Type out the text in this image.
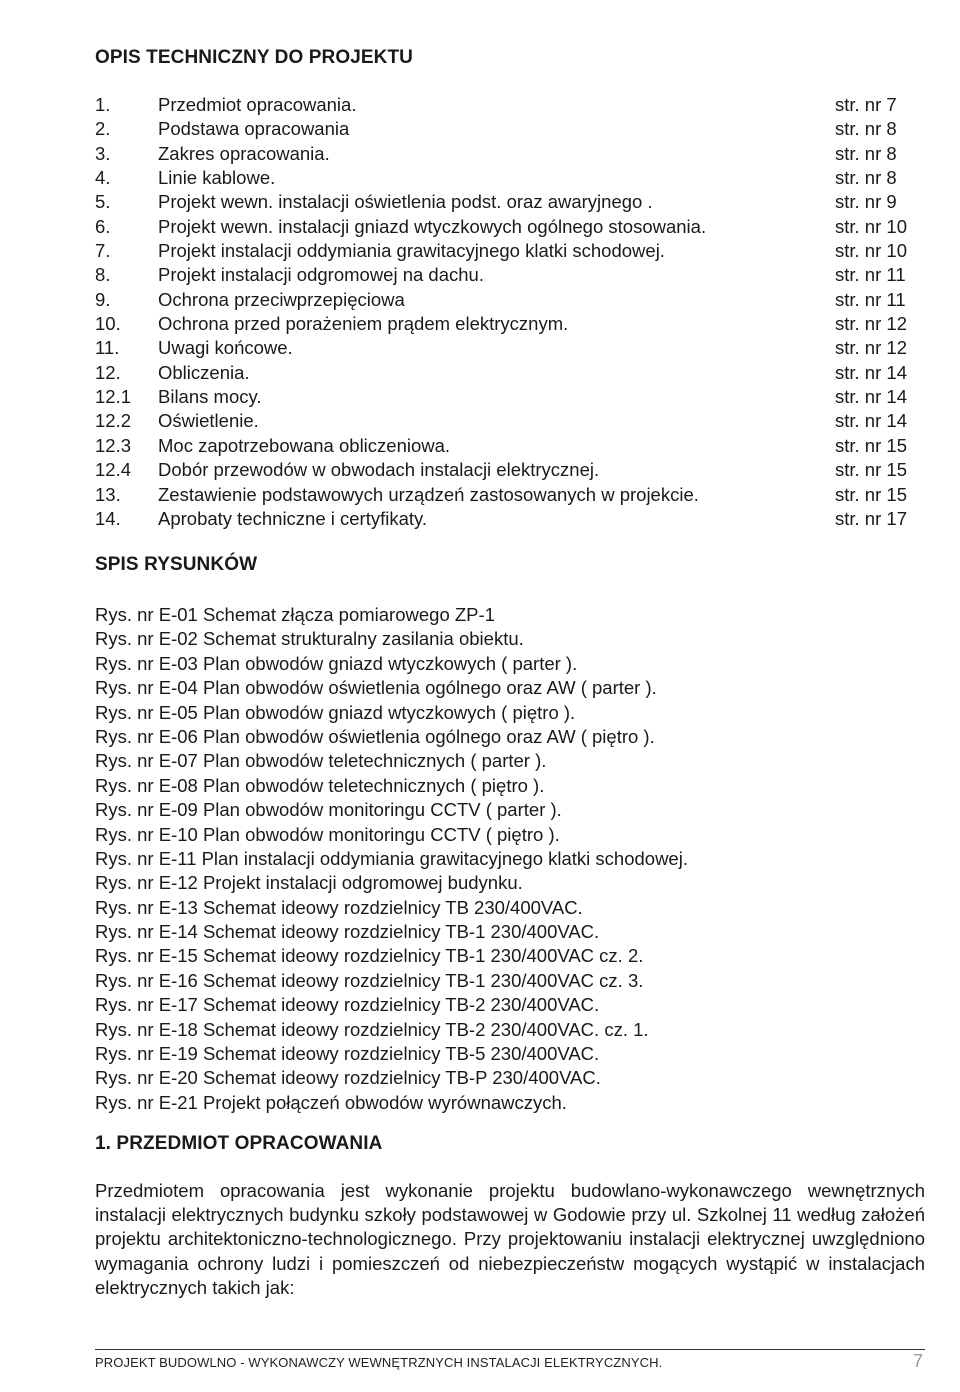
OPIS TECHNICZNY DO PROJEKTU
1.	Przedmiot opracowania.	str. nr 7
2.	Podstawa opracowania	str. nr 8
3.	Zakres opracowania.	str. nr 8
4.	Linie kablowe.	str. nr 8
5.	Projekt wewn. instalacji oświetlenia podst. oraz awaryjnego .	str. nr 9
6.	Projekt wewn. instalacji gniazd wtyczkowych ogólnego stosowania.	str. nr 10
7.	Projekt instalacji oddymiania grawitacyjnego klatki schodowej.	str. nr 10
8.	Projekt instalacji odgromowej na dachu.	str. nr 11
9.	Ochrona przeciwprzepięciowa	str. nr 11
10. Ochrona przed porażeniem prądem elektrycznym.	str. nr 12
11. Uwagi końcowe.	str. nr 12
12. Obliczenia.	str. nr 14
12.1 Bilans mocy.	str. nr 14
12.2 Oświetlenie.	str. nr 14
12.3 Moc zapotrzebowana obliczeniowa.	str. nr 15
12.4 Dobór przewodów w obwodach instalacji elektrycznej.	str. nr 15
13. Zestawienie podstawowych urządzeń zastosowanych w projekcie.	str. nr 15
14. Aprobaty techniczne i certyfikaty.	str. nr 17
SPIS RYSUNKÓW
Rys. nr E-01 Schemat złącza pomiarowego ZP-1
Rys. nr E-02 Schemat strukturalny zasilania obiektu.
Rys. nr E-03 Plan obwodów gniazd wtyczkowych ( parter ).
Rys. nr E-04 Plan obwodów oświetlenia ogólnego oraz AW ( parter ).
Rys. nr E-05 Plan obwodów gniazd wtyczkowych ( piętro ).
Rys. nr E-06 Plan obwodów oświetlenia ogólnego oraz AW ( piętro ).
Rys. nr E-07 Plan obwodów teletechnicznych ( parter ).
Rys. nr E-08 Plan obwodów teletechnicznych ( piętro ).
Rys. nr E-09 Plan obwodów monitoringu CCTV ( parter ).
Rys. nr E-10 Plan obwodów monitoringu CCTV ( piętro ).
Rys. nr E-11 Plan instalacji oddymiania grawitacyjnego klatki schodowej.
Rys. nr E-12 Projekt instalacji odgromowej budynku.
Rys. nr E-13 Schemat ideowy rozdzielnicy TB 230/400VAC.
Rys. nr E-14 Schemat ideowy rozdzielnicy TB-1 230/400VAC.
Rys. nr E-15 Schemat ideowy rozdzielnicy TB-1 230/400VAC cz. 2.
Rys. nr E-16 Schemat ideowy rozdzielnicy TB-1 230/400VAC cz. 3.
Rys. nr E-17 Schemat ideowy rozdzielnicy TB-2 230/400VAC.
Rys. nr E-18 Schemat ideowy rozdzielnicy TB-2 230/400VAC. cz. 1.
Rys. nr E-19 Schemat ideowy rozdzielnicy TB-5 230/400VAC.
Rys. nr E-20 Schemat ideowy rozdzielnicy TB-P 230/400VAC.
Rys. nr E-21 Projekt połączeń obwodów wyrównawczych.
1. PRZEDMIOT OPRACOWANIA

Przedmiotem opracowania jest wykonanie projektu budowlano-wykonawczego wewnętrznych instalacji elektrycznych budynku szkoły podstawowej w Godowie przy ul. Szkolnej 11 według założeń projektu architektoniczno-technologicznego. Przy projektowaniu instalacji elektrycznej uwzględniono wymagania ochrony ludzi i pomieszczeń od niebezpieczeństw mogących wystąpić w instalacjach elektrycznych takich jak:

PROJEKT BUDOWLNO - WYKONAWCZY WEWNĘTRZNYCH INSTALACJI ELEKTRYCZNYCH.	7
